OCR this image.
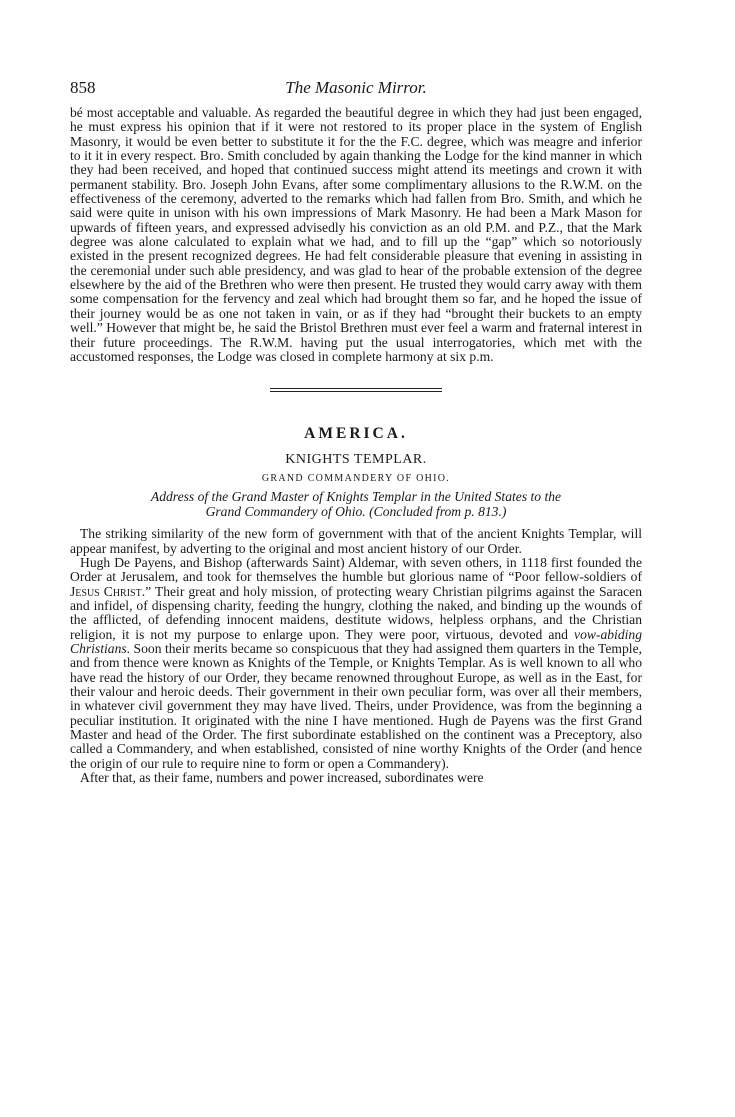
858	The Masonic Mirror.

bé most acceptable and valuable. As regarded the beautiful degree in which they had just been engaged, he must express his opinion that if it were not restored to its proper place in the system of English Masonry, it would be even better to substitute it for the the F.C. degree, which was meagre and inferior to it it in every respect. Bro. Smith concluded by again thanking the Lodge for the kind manner in which they had been received, and hoped that continued success might attend its meetings and crown it with permanent stability. Bro. Joseph John Evans, after some complimentary allusions to the R.W.M. on the effectiveness of the ceremony, adverted to the remarks which had fallen from Bro. Smith, and which he said were quite in unison with his own impressions of Mark Masonry. He had been a Mark Mason for upwards of fifteen years, and expressed advisedly his conviction as an old P.M. and P.Z., that the Mark degree was alone calculated to explain what we had, and to fill up the “gap” which so notoriously existed in the present recognized degrees. He had felt considerable pleasure that evening in assisting in the ceremonial under such able presidency, and was glad to hear of the probable extension of the degree elsewhere by the aid of the Brethren who were then present. He trusted they would carry away with them some compensation for the fervency and zeal which had brought them so far, and he hoped the issue of their journey would be as one not taken in vain, or as if they had “brought their buckets to an empty well.” However that might be, he said the Bristol Brethren must ever feel a warm and fraternal interest in their future proceedings. The R.W.M. having put the usual interrogatories, which met with the accustomed responses, the Lodge was closed in complete harmony at six p.m.

AMERICA.
KNIGHTS TEMPLAR.
GRAND COMMANDERY OF OHIO.
Address of the Grand Master of Knights Templar in the United States to the
Grand Commandery of Ohio. (Concluded from p. 813.)

The striking similarity of the new form of government with that of the ancient Knights Templar, will appear manifest, by adverting to the original and most ancient history of our Order.

Hugh De Payens, and Bishop (afterwards Saint) Aldemar, with seven others, in 1118 first founded the Order at Jerusalem, and took for themselves the humble but glorious name of “Poor fellow-soldiers of Jesus Christ.” Their great and holy mission, of protecting weary Christian pilgrims against the Saracen and infidel, of dispensing charity, feeding the hungry, clothing the naked, and binding up the wounds of the afflicted, of defending innocent maidens, destitute widows, helpless orphans, and the Christian religion, it is not my purpose to enlarge upon. They were poor, virtuous, devoted and vow-abiding Christians. Soon their merits became so conspicuous that they had assigned them quarters in the Temple, and from thence were known as Knights of the Temple, or Knights Templar. As is well known to all who have read the history of our Order, they became renowned throughout Europe, as well as in the East, for their valour and heroic deeds. Their government in their own peculiar form, was over all their members, in whatever civil government they may have lived. Theirs, under Providence, was from the beginning a peculiar institution. It originated with the nine I have mentioned. Hugh de Payens was the first Grand Master and head of the Order. The first subordinate established on the continent was a Preceptory, also called a Commandery, and when established, consisted of nine worthy Knights of the Order (and hence the origin of our rule to require nine to form or open a Commandery).

After that, as their fame, numbers and power increased, subordinates were
